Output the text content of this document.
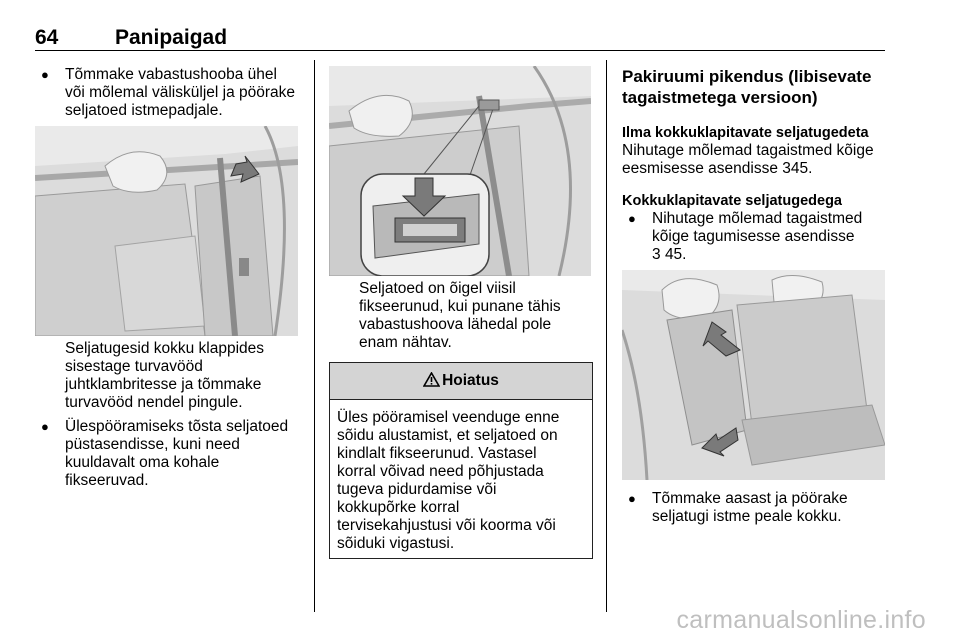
64	Panipaigad
● Tõmmake vabastushooba ühel
või mõlemal välisküljel ja pöörake
seljatoed istmepadjale.
Seljatugesid kokku klappides
sisestage turvavööd
juhtklambritesse ja tõmmake
turvavööd nendel pingule.
● Ülespööramiseks tõsta seljatoed
püstasendisse, kuni need
kuuldavalt oma kohale
fikseeruvad.
Seljatoed on õigel viisil
fikseerunud, kui punane tähis
vabastushoova lähedal pole
enam nähtav.
Hoiatus
Üles pööramisel veenduge enne
sõidu alustamist, et seljatoed on
kindlalt fikseerunud. Vastasel
korral võivad need põhjustada
tugeva pidurdamise või
kokkupõrke korral
tervisekahjustusi või koorma või
sõiduki vigastusi.
Pakiruumi pikendus (libisevate
tagaistmetega versioon)
Ilma kokkuklapitavate seljatugedeta
Nihutage mõlemad tagaistmed kõige
eesmisesse asendisse 345.
Kokkuklapitavate seljatugedega
● Nihutage mõlemad tagaistmed
kõige tagumisesse asendisse
3 45.
● Tõmmake aasast ja pöörake
seljatugi istme peale kokku.
carmanualsonline.info
